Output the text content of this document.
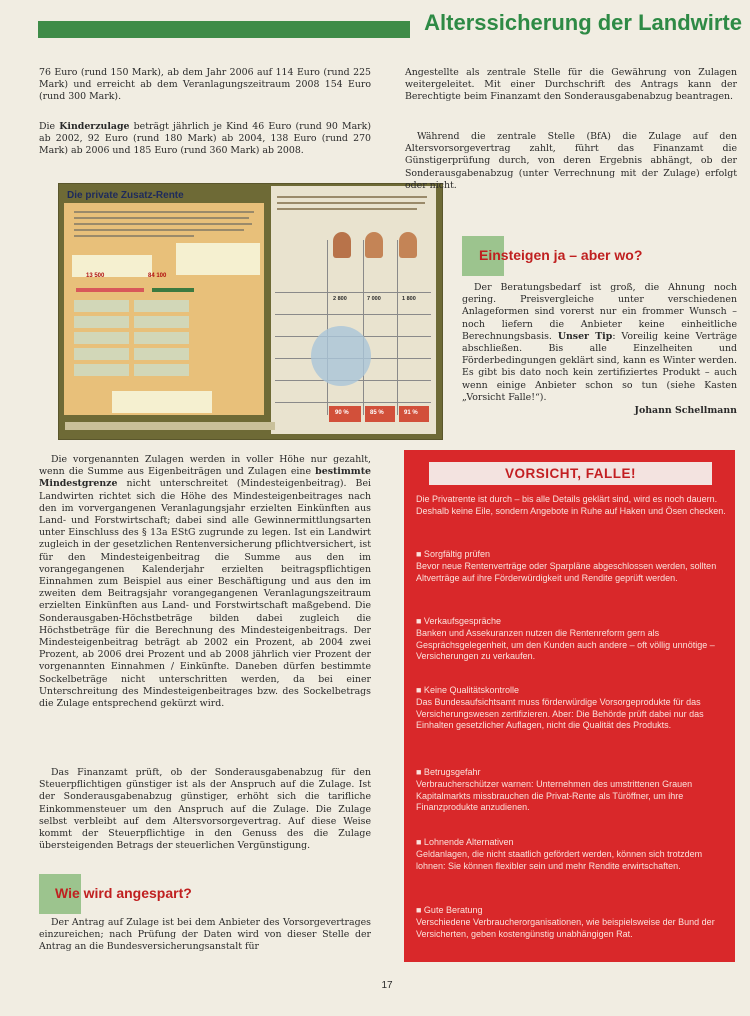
Alterssicherung der Landwirte

76 Euro (rund 150 Mark), ab dem Jahr 2006 auf 114 Euro (rund 225 Mark) und erreicht ab dem Veranlagungszeitraum 2008 154 Euro (rund 300 Mark).

Die Kinderzulage beträgt jährlich je Kind 46 Euro (rund 90 Mark) ab 2002, 92 Euro (rund 180 Mark) ab 2004, 138 Euro (rund 270 Mark) ab 2006 und 185 Euro (rund 360 Mark) ab 2008.

Die private Zusatz-Rente
13 500	84 100
2 800	7 000	1 800
90 %	85 %	91 %

Die vorgenannten Zulagen werden in voller Höhe nur gezahlt, wenn die Summe aus Eigenbeiträgen und Zulagen eine bestimmte Mindestgrenze nicht unterschreitet (Mindesteigenbeitrag). Bei Landwirten richtet sich die Höhe des Mindesteigenbeitrages nach den im vorvergangenen Veranlagungsjahr erzielten Einkünften aus Land- und Forstwirtschaft; dabei sind alle Gewinnermittlungsarten unter Einschluss des § 13a EStG zugrunde zu legen. Ist ein Landwirt zugleich in der gesetzlichen Rentenversicherung pflichtversichert, ist für den Mindesteigenbeitrag die Summe aus den im vorangegangenen Kalenderjahr erzielten beitragspflichtigen Einnahmen zum Beispiel aus einer Beschäftigung und aus den im zweiten dem Beitragsjahr vorangegangenen Veranlagungszeitraum erzielten Einkünften aus Land- und Forstwirtschaft maßgebend. Die Sonderausgaben-Höchstbeträge bilden dabei zugleich die Höchstbeträge für die Berechnung des Mindesteigenbeitrags. Der Mindesteigenbeitrag beträgt ab 2002 ein Prozent, ab 2004 zwei Prozent, ab 2006 drei Prozent und ab 2008 jährlich vier Prozent der vorgenannten Einnahmen / Einkünfte. Daneben dürfen bestimmte Sockelbeträge nicht unterschritten werden, da bei einer Unterschreitung des Mindesteigenbeitrages bzw. des Sockelbetrags die Zulage entsprechend gekürzt wird.

Das Finanzamt prüft, ob der Sonderausgabenabzug für den Steuerpflichtigen günstiger ist als der Anspruch auf die Zulage. Ist der Sonderausgabenabzug günstiger, erhöht sich die tarifliche Einkommensteuer um den Anspruch auf die Zulage. Die Zulage selbst verbleibt auf dem Altersvorsorgevertrag. Auf diese Weise kommt der Steuerpflichtige in den Genuss des die Zulage übersteigenden Betrags der steuerlichen Vergünstigung.

Wie wird angespart?

Der Antrag auf Zulage ist bei dem Anbieter des Vorsorgevertrages einzureichen; nach Prüfung der Daten wird von dieser Stelle der Antrag an die Bundesversicherungsanstalt für

Angestellte als zentrale Stelle für die Gewährung von Zulagen weitergeleitet. Mit einer Durchschrift des Antrags kann der Berechtigte beim Finanzamt den Sonderausgabenabzug beantragen.

Während die zentrale Stelle (BfA) die Zulage auf den Altersvorsorgevertrag zahlt, führt das Finanzamt die Günstigerprüfung durch, von deren Ergebnis abhängt, ob der Sonderausgabenabzug (unter Verrechnung mit der Zulage) erfolgt oder nicht.

Einsteigen ja – aber wo?

Der Beratungsbedarf ist groß, die Ahnung noch gering. Preisvergleiche unter verschiedenen Anlageformen sind vorerst nur ein frommer Wunsch – noch liefern die Anbieter keine einheitliche Berechnungsbasis. Unser Tip: Voreilig keine Verträge abschließen. Bis alle Einzelheiten und Förderbedingungen geklärt sind, kann es Winter werden. Es gibt bis dato noch kein zertifiziertes Produkt – auch wenn einige Anbieter schon so tun (siehe Kasten „Vorsicht Falle!“).

Johann Schellmann
VORSICHT, FALLE!

Die Privatrente ist durch – bis alle Details geklärt sind, wird es noch dauern. Deshalb keine Eile, sondern Angebote in Ruhe auf Haken und Ösen checken.

■ Sorgfältig prüfen

Bevor neue Rentenverträge oder Sparpläne abgeschlossen werden, sollten Altverträge auf ihre Förderwürdigkeit und Rendite geprüft werden.

■ Verkaufsgespräche

Banken und Assekuranzen nutzen die Rentenreform gern als Gesprächsgelegenheit, um den Kunden auch andere – oft völlig unnötige – Versicherungen zu verkaufen.

■ Keine Qualitätskontrolle

Das Bundesaufsichtsamt muss förderwürdige Vorsorgeprodukte für das Versicherungswesen zertifizieren. Aber: Die Behörde prüft dabei nur das Einhalten gesetzlicher Auflagen, nicht die Qualität des Produkts.

■ Betrugsgefahr

Verbraucherschützer warnen: Unternehmen des umstrittenen Grauen Kapitalmarkts missbrauchen die Privat-Rente als Türöffner, um ihre Finanzprodukte anzudienen.

■ Lohnende Alternativen

Geldanlagen, die nicht staatlich gefördert werden, können sich trotzdem lohnen: Sie können flexibler sein und mehr Rendite erwirtschaften.

■ Gute Beratung

Verschiedene Verbraucherorganisationen, wie beispielsweise der Bund der Versicherten, geben kostengünstig unabhängigen Rat.

17
